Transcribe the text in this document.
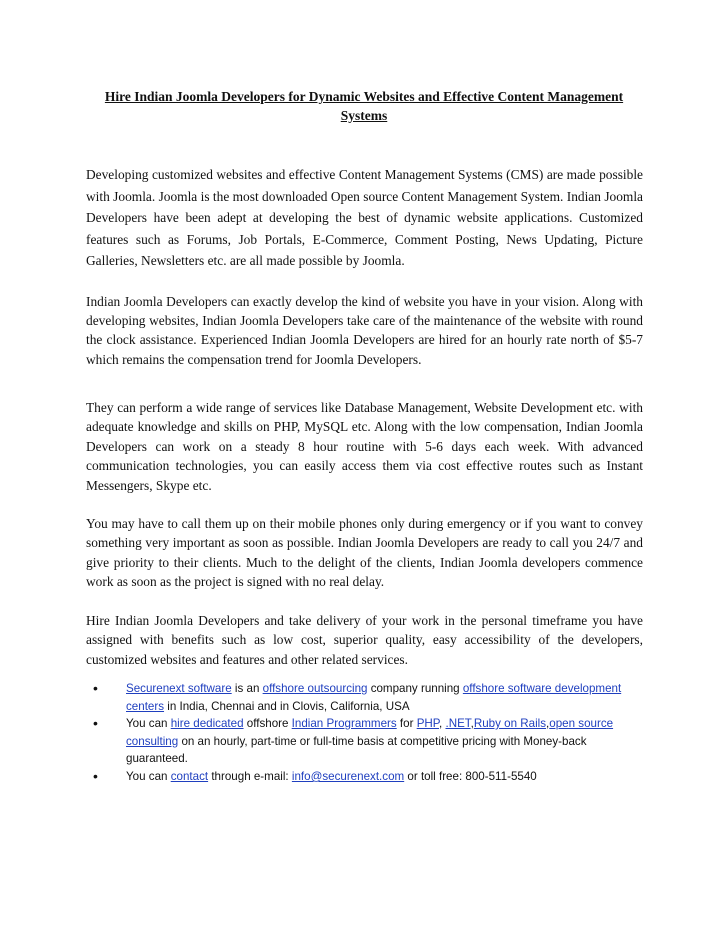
Hire Indian Joomla Developers for Dynamic Websites and Effective Content Management Systems

Developing customized websites and effective Content Management Systems (CMS) are made possible with Joomla. Joomla is the most downloaded Open source Content Management System. Indian Joomla Developers have been adept at developing the best of dynamic website applications. Customized features such as Forums, Job Portals, E-Commerce, Comment Posting, News Updating, Picture Galleries, Newsletters etc. are all made possible by Joomla.

Indian Joomla Developers can exactly develop the kind of website you have in your vision. Along with developing websites, Indian Joomla Developers take care of the maintenance of the website with round the clock assistance. Experienced Indian Joomla Developers are hired for an hourly rate north of $5-7 which remains the compensation trend for Joomla Developers.

They can perform a wide range of services like Database Management, Website Development etc. with adequate knowledge and skills on PHP, MySQL etc. Along with the low compensation, Indian Joomla Developers can work on a steady 8 hour routine with 5-6 days each week. With advanced communication technologies, you can easily access them via cost effective routes such as Instant Messengers, Skype etc.

You may have to call them up on their mobile phones only during emergency or if you want to convey something very important as soon as possible. Indian Joomla Developers are ready to call you 24/7 and give priority to their clients. Much to the delight of the clients, Indian Joomla developers commence work as soon as the project is signed with no real delay.

Hire Indian Joomla Developers and take delivery of your work in the personal timeframe you have assigned with benefits such as low cost, superior quality, easy accessibility of the developers, customized websites and features and other related services.

• Securenext software is an offshore outsourcing company running offshore software development centers in India, Chennai and in Clovis, California, USA
• You can hire dedicated offshore Indian Programmers for PHP, .NET,Ruby on Rails,open source consulting on an hourly, part-time or full-time basis at competitive pricing with Money-back guaranteed.
• You can contact through e-mail: info@securenext.com or toll free: 800-511-5540
